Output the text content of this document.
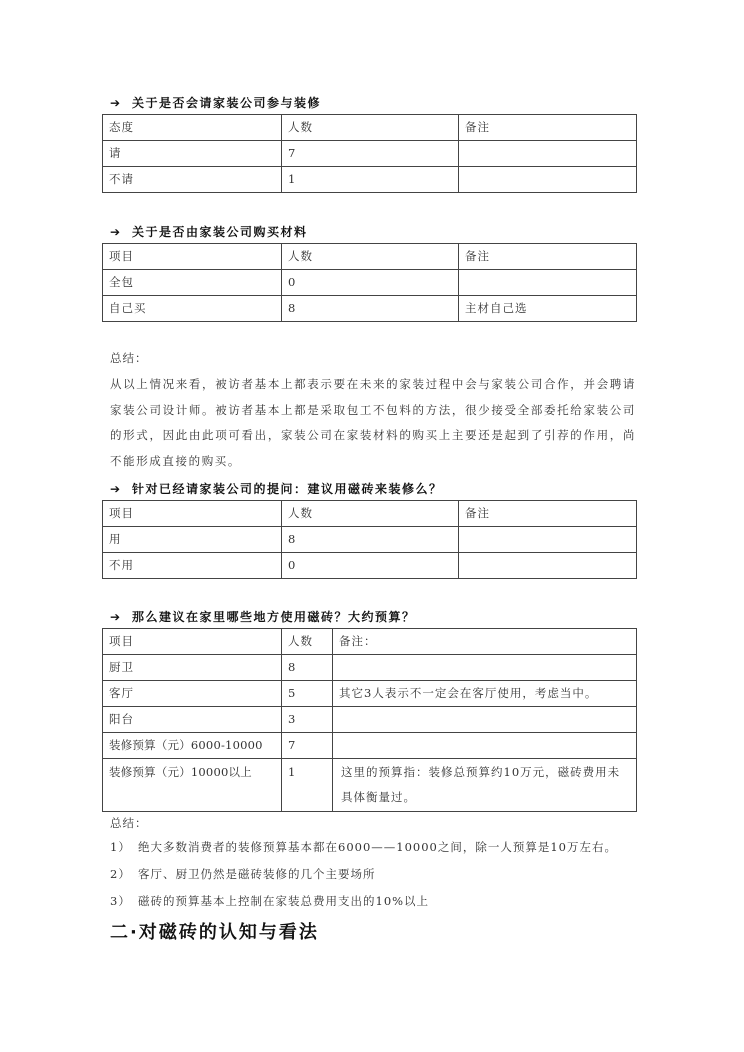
➔ 关于是否会请家装公司参与装修
态度	人数	备注
请	7	
不请	1	
➔ 关于是否由家装公司购买材料
项目	人数	备注
全包	0	
自己买	8	主材自己选
总结：
从以上情况来看，被访者基本上都表示要在未来的家装过程中会与家装公司合作，并会聘请家装公司设计师。被访者基本上都是采取包工不包料的方法，很少接受全部委托给家装公司的形式，因此由此项可看出，家装公司在家装材料的购买上主要还是起到了引荐的作用，尚不能形成直接的购买。
➔ 针对已经请家装公司的提问：建议用磁砖来装修么？
项目	人数	备注
用	8	
不用	0	
➔ 那么建议在家里哪些地方使用磁砖？大约预算？
项目	人数	备注：
厨卫	8	
客厅	5	其它3人表示不一定会在客厅使用，考虑当中。
阳台	3	
装修预算（元）6000-10000	7	
装修预算（元）10000以上	1	这里的预算指：装修总预算约10万元，磁砖费用未具体衡量过。
总结：
1） 绝大多数消费者的装修预算基本都在6000——10000之间，除一人预算是10万左右。
2） 客厅、厨卫仍然是磁砖装修的几个主要场所
3） 磁砖的预算基本上控制在家装总费用支出的10%以上
二·对磁砖的认知与看法
